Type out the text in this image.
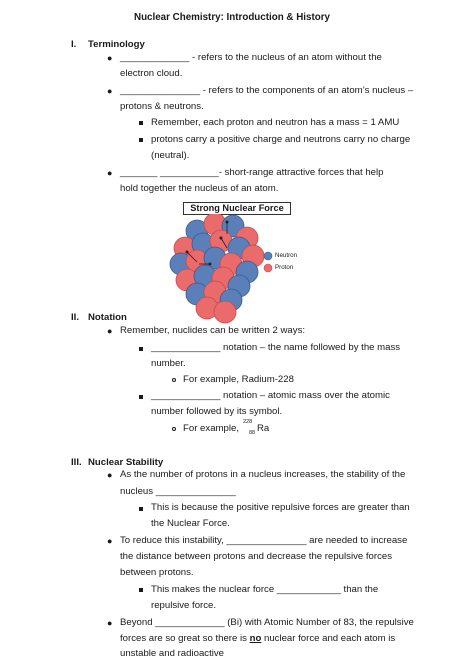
Nuclear Chemistry: Introduction & History
I. Terminology
● _____________ - refers to the nucleus of an atom without the
electron cloud.
● _______________ - refers to the components of an atom’s nucleus –
protons & neutrons.
Remember, each proton and neutron has a mass = 1 AMU
protons carry a positive charge and neutrons carry no charge
(neutral).
● _______ ___________- short-range attractive forces that help
hold together the nucleus of an atom.
Strong Nuclear Force
Neutron
Proton
II. Notation
● Remember, nuclides can be written 2 ways:
_____________ notation – the name followed by the mass
number.
For example, Radium-228
_____________ notation – atomic mass over the atomic
number followed by its symbol.
For example,
228
88 Ra
III. Nuclear Stability
● As the number of protons in a nucleus increases, the stability of the
nucleus _______________
This is because the positive repulsive forces are greater than
the Nuclear Force.
● To reduce this instability, _______________ are needed to increase
the distance between protons and decrease the repulsive forces
between protons.
This makes the nuclear force ____________ than the
repulsive force.
● Beyond _____________ (Bi) with Atomic Number of 83, the repulsive
forces are so great so there is no nuclear force and each atom is
unstable and radioactive
